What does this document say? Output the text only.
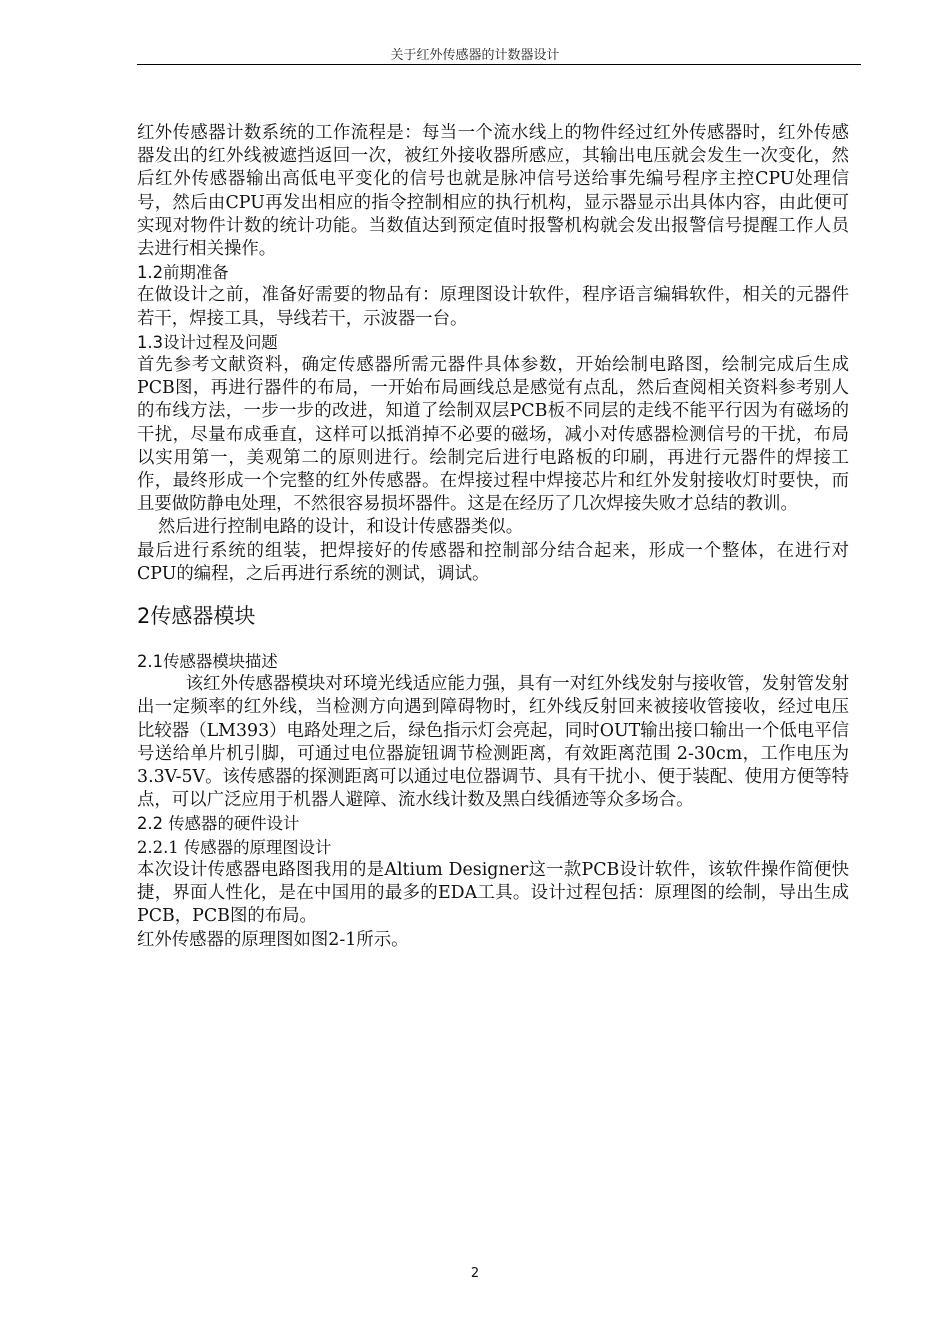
关于红外传感器的计数器设计

红外传感器计数系统的工作流程是：每当一个流水线上的物件经过红外传感器时，红外传感器发出的红外线被遮挡返回一次，被红外接收器所感应，其输出电压就会发生一次变化，然后红外传感器输出高低电平变化的信号也就是脉冲信号送给事先编号程序主控CPU处理信号，然后由CPU再发出相应的指令控制相应的执行机构，显示器显示出具体内容，由此便可实现对物件计数的统计功能。当数值达到预定值时报警机构就会发出报警信号提醒工作人员去进行相关操作。

1.2前期准备

在做设计之前，准备好需要的物品有：原理图设计软件，程序语言编辑软件，相关的元器件若干，焊接工具，导线若干，示波器一台。

1.3设计过程及问题

首先参考文献资料，确定传感器所需元器件具体参数，开始绘制电路图，绘制完成后生成PCB图，再进行器件的布局，一开始布局画线总是感觉有点乱，然后查阅相关资料参考别人的布线方法，一步一步的改进，知道了绘制双层PCB板不同层的走线不能平行因为有磁场的干扰，尽量布成垂直，这样可以抵消掉不必要的磁场，减小对传感器检测信号的干扰，布局以实用第一，美观第二的原则进行。绘制完后进行电路板的印刷，再进行元器件的焊接工作，最终形成一个完整的红外传感器。在焊接过程中焊接芯片和红外发射接收灯时要快，而且要做防静电处理，不然很容易损坏器件。这是在经历了几次焊接失败才总结的教训。

然后进行控制电路的设计，和设计传感器类似。

最后进行系统的组装，把焊接好的传感器和控制部分结合起来，形成一个整体，在进行对CPU的编程，之后再进行系统的测试，调试。

2传感器模块
2.1传感器模块描述

该红外传感器模块对环境光线适应能力强，具有一对红外线发射与接收管，发射管发射出一定频率的红外线，当检测方向遇到障碍物时，红外线反射回来被接收管接收，经过电压比较器（LM393）电路处理之后，绿色指示灯会亮起，同时OUT输出接口输出一个低电平信号送给单片机引脚，可通过电位器旋钮调节检测距离，有效距离范围 2-30cm，工作电压为3.3V-5V。该传感器的探测距离可以通过电位器调节、具有干扰小、便于装配、使用方便等特点，可以广泛应用于机器人避障、流水线计数及黑白线循迹等众多场合。

2.2 传感器的硬件设计
2.2.1 传感器的原理图设计

本次设计传感器电路图我用的是Altium Designer这一款PCB设计软件，该软件操作简便快捷，界面人性化，是在中国用的最多的EDA工具。设计过程包括：原理图的绘制，导出生成PCB，PCB图的布局。

红外传感器的原理图如图2-1所示。

2
